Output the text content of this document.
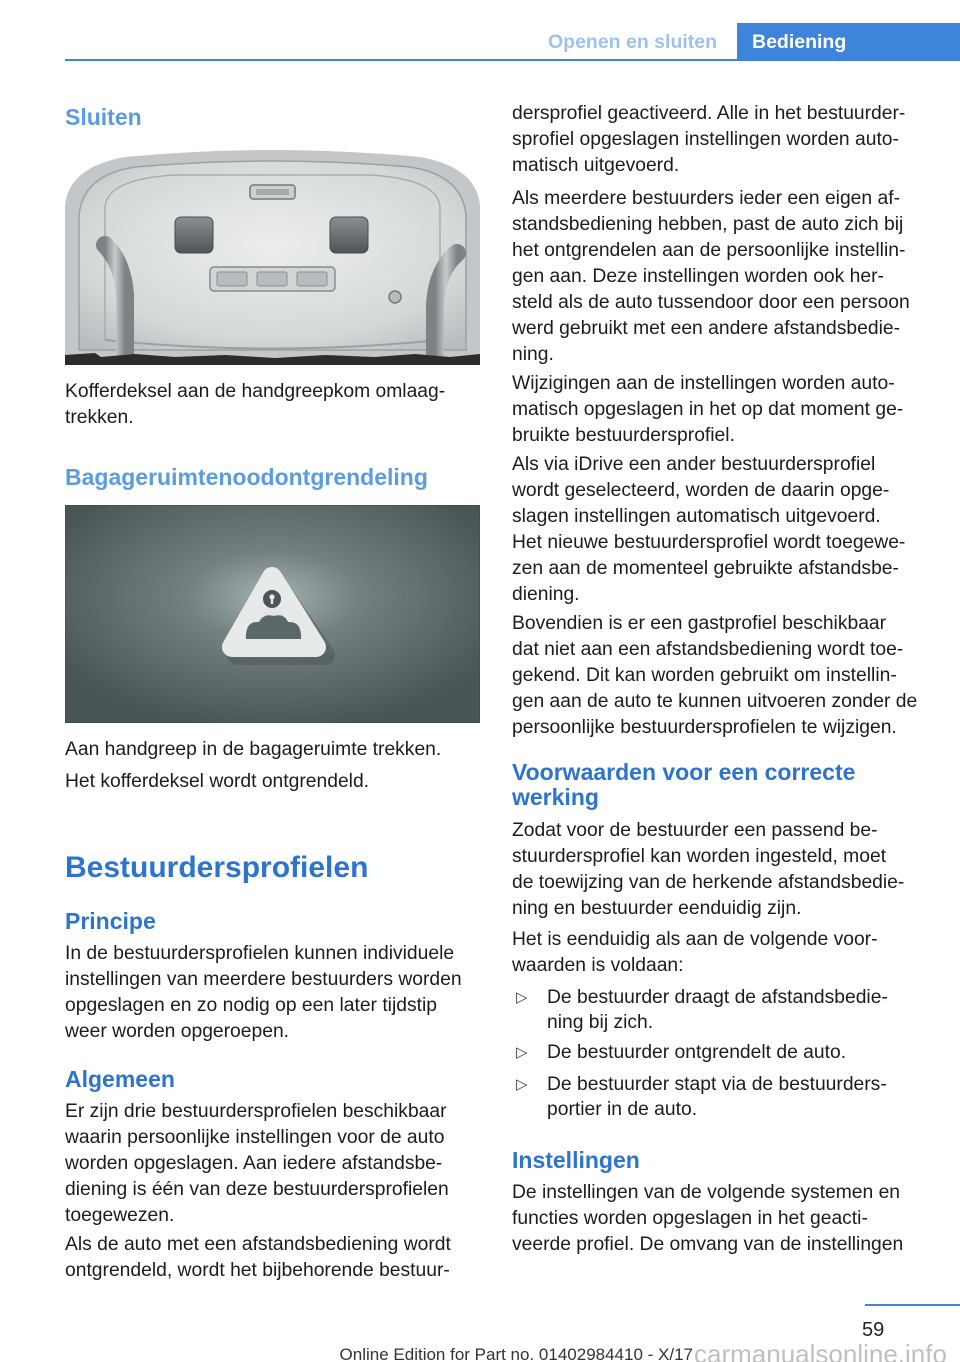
Openen en sluiten Bediening
Sluiten
Kofferdeksel aan de handgreepkom omlaag-
trekken.
Bagageruimtenoodontgrendeling
Aan handgreep in de bagageruimte trekken.
Het kofferdeksel wordt ontgrendeld.
Bestuurdersprofielen
Principe
In de bestuurdersprofielen kunnen individuele
instellingen van meerdere bestuurders worden
opgeslagen en zo nodig op een later tijdstip
weer worden opgeroepen.
Algemeen
Er zijn drie bestuurdersprofielen beschikbaar
waarin persoonlijke instellingen voor de auto
worden opgeslagen. Aan iedere afstandsbe-
diening is één van deze bestuurdersprofielen
toegewezen.
Als de auto met een afstandsbediening wordt
ontgrendeld, wordt het bijbehorende bestuur-
dersprofiel geactiveerd. Alle in het bestuurder-
sprofiel opgeslagen instellingen worden auto-
matisch uitgevoerd.
Als meerdere bestuurders ieder een eigen af-
standsbediening hebben, past de auto zich bij
het ontgrendelen aan de persoonlijke instellin-
gen aan. Deze instellingen worden ook her-
steld als de auto tussendoor door een persoon
werd gebruikt met een andere afstandsbedie-
ning.
Wijzigingen aan de instellingen worden auto-
matisch opgeslagen in het op dat moment ge-
bruikte bestuurdersprofiel.
Als via iDrive een ander bestuurdersprofiel
wordt geselecteerd, worden de daarin opge-
slagen instellingen automatisch uitgevoerd.
Het nieuwe bestuurdersprofiel wordt toegewe-
zen aan de momenteel gebruikte afstandsbe-
diening.
Bovendien is er een gastprofiel beschikbaar
dat niet aan een afstandsbediening wordt toe-
gekend. Dit kan worden gebruikt om instellin-
gen aan de auto te kunnen uitvoeren zonder de
persoonlijke bestuurdersprofielen te wijzigen.
Voorwaarden voor een correcte
werking
Zodat voor de bestuurder een passend be-
stuurdersprofiel kan worden ingesteld, moet
de toewijzing van de herkende afstandsbedie-
ning en bestuurder eenduidig zijn.
Het is eenduidig als aan de volgende voor-
waarden is voldaan:
▷
De bestuurder draagt de afstandsbedie-
ning bij zich.
▷
De bestuurder ontgrendelt de auto.
▷
De bestuurder stapt via de bestuurders-
portier in de auto.
Instellingen
De instellingen van de volgende systemen en
functies worden opgeslagen in het geacti-
veerde profiel. De omvang van de instellingen
59
Online Edition for Part no. 01402984410 - X/17 carmanualsonline.info
